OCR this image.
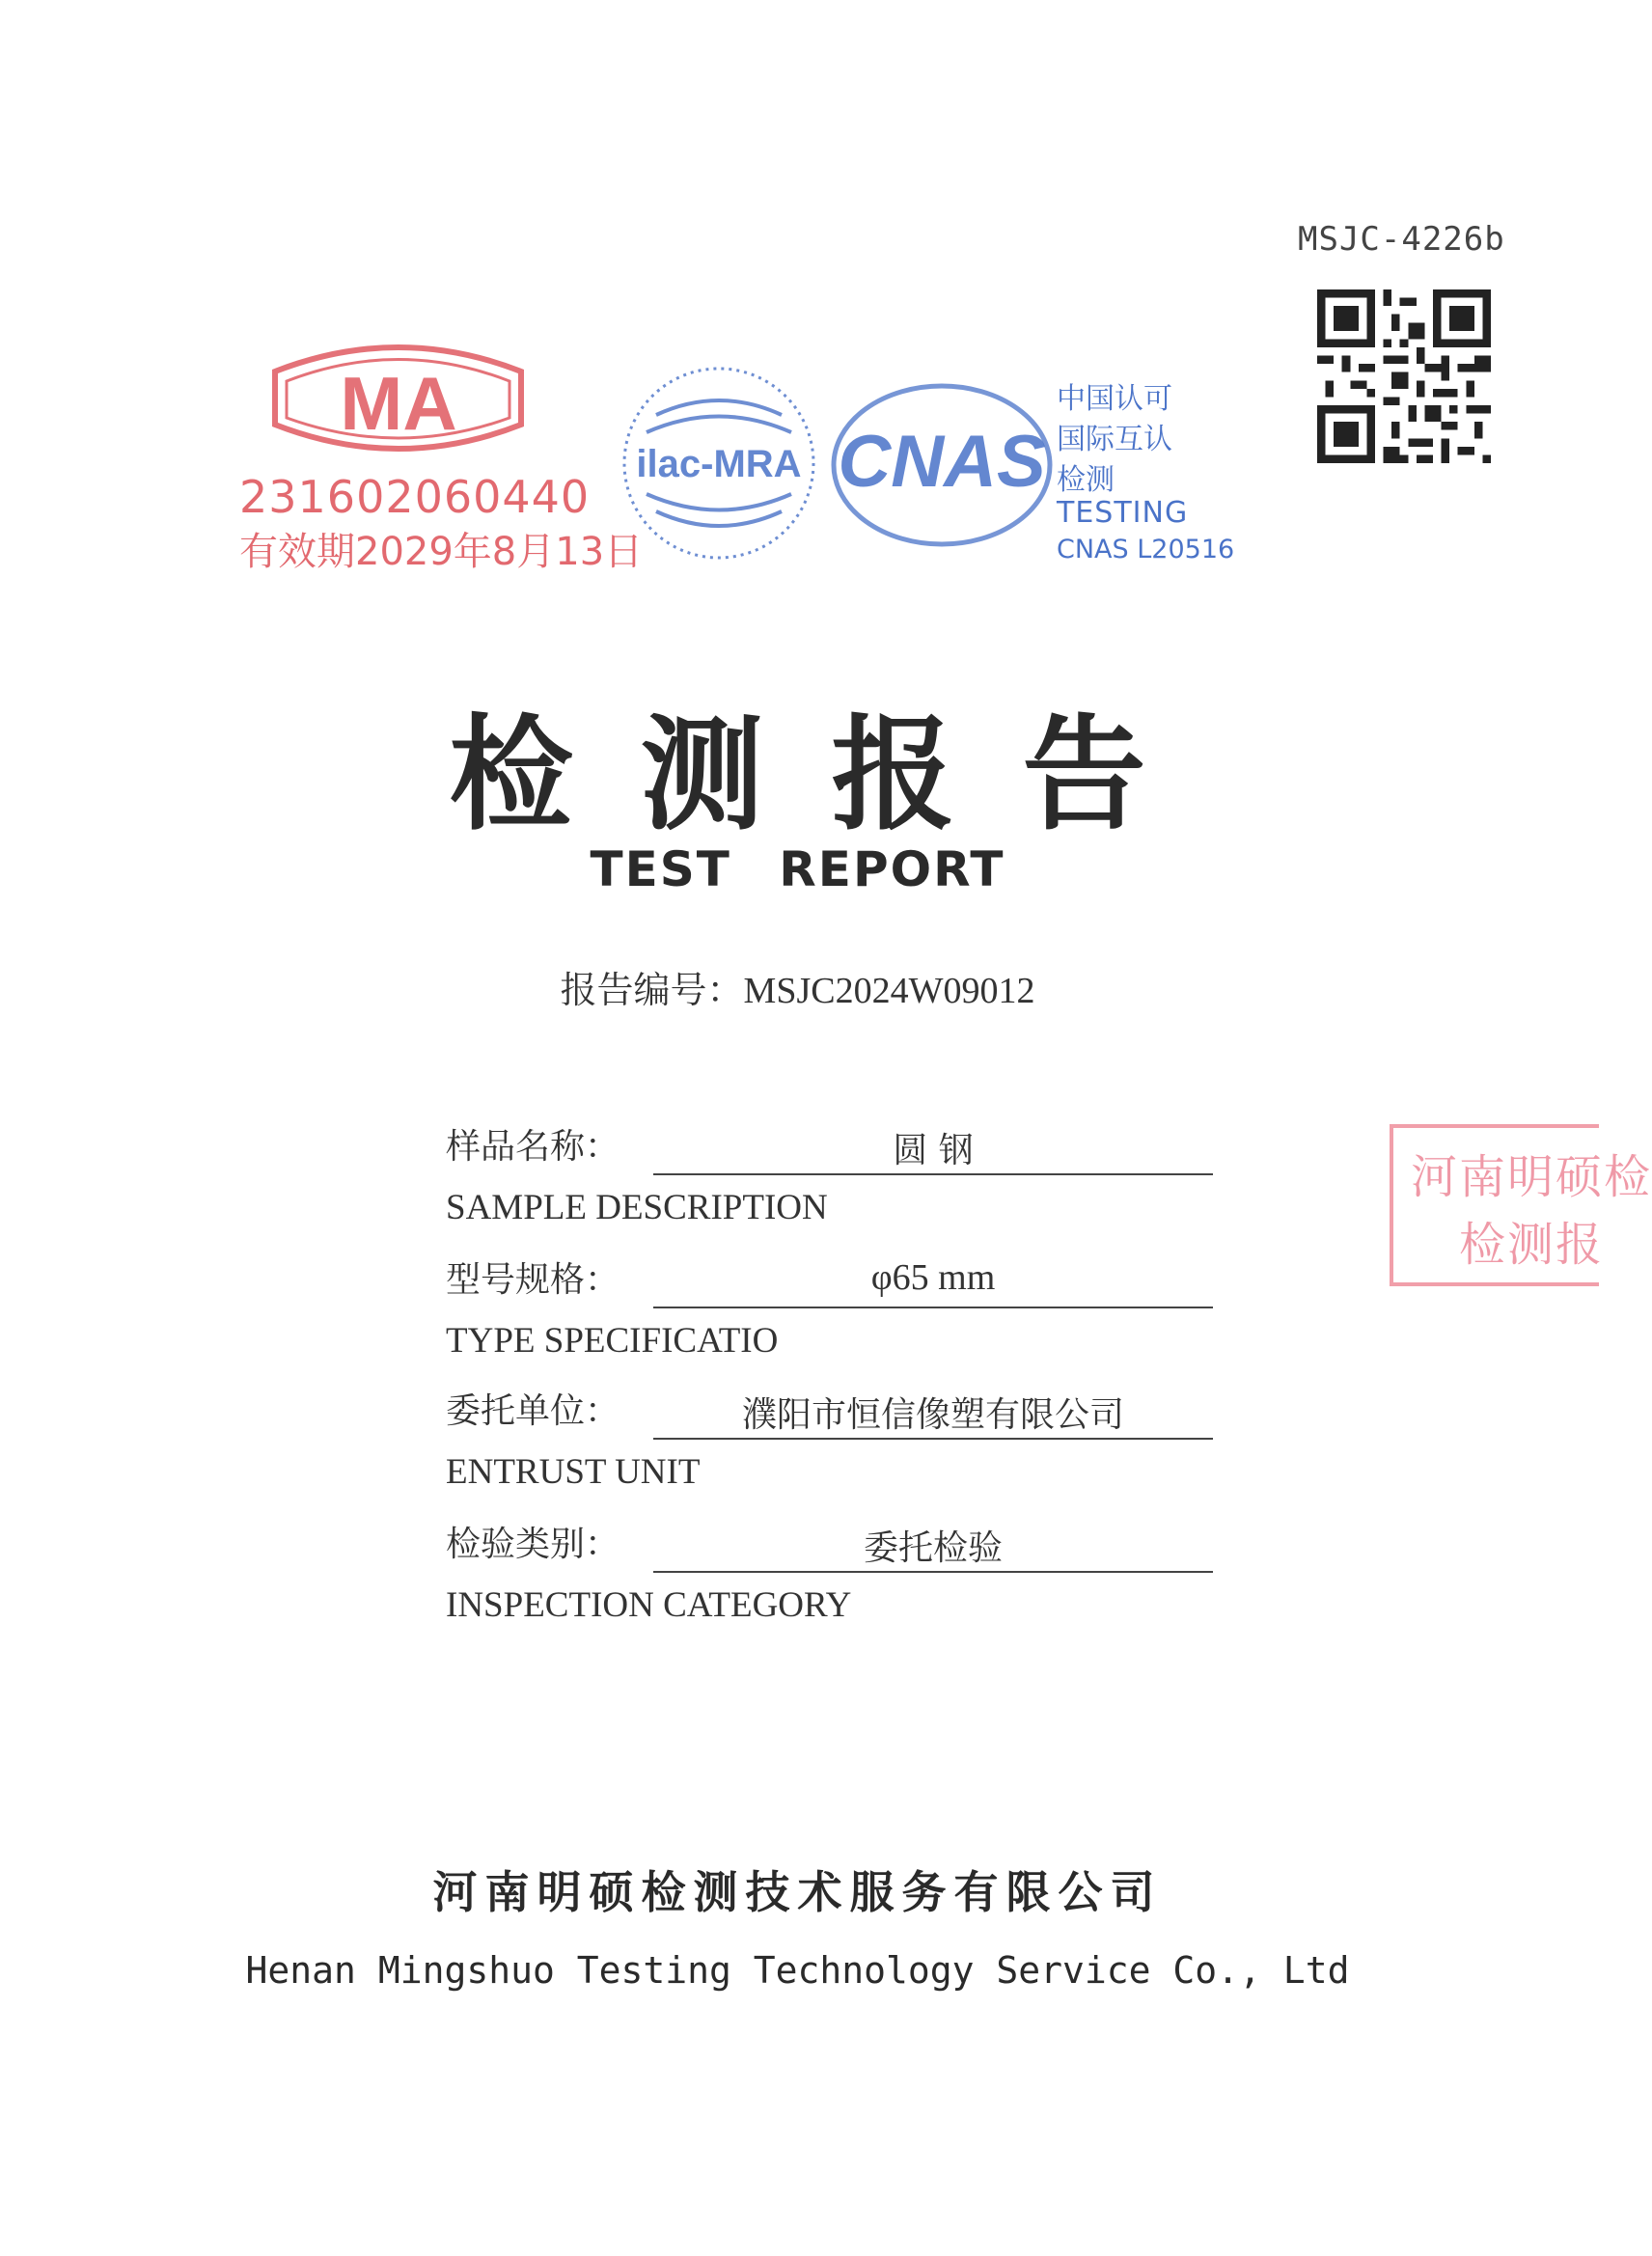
MSJC-4226b
MA
231602060440
有效期2029年8月13日
ilac-MRA CNAS
中国认可
国际互认
检测
TESTING
CNAS L20516
检测报告
TEST REPORT
报告编号：MSJC2024W09012
样品名称：	圆 钢
SAMPLE DESCRIPTION
型号规格：	φ65 mm
TYPE SPECIFICATIO
委托单位：	濮阳市恒信像塑有限公司
ENTRUST UNIT
检验类别：	委托检验
INSPECTION CATEGORY
河南明硕检
检测报
河南明硕检测技术服务有限公司
Henan Mingshuo Testing Technology Service Co., Ltd
